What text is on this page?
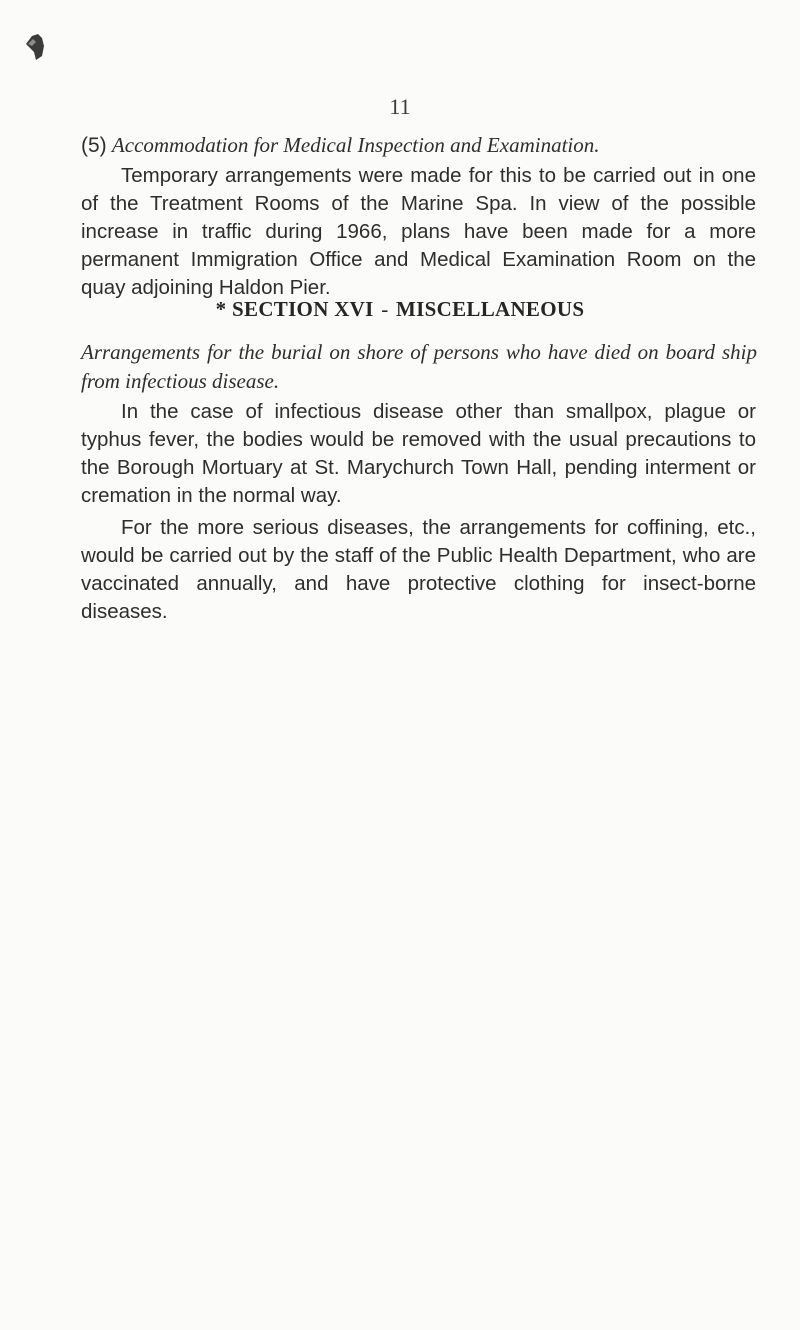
11
(5) Accommodation for Medical Inspection and Examination.

Temporary arrangements were made for this to be carried out in one of the Treatment Rooms of the Marine Spa. In view of the possible increase in traffic during 1966, plans have been made for a more permanent Immigration Office and Medical Examination Room on the quay adjoining Haldon Pier.

* SECTION XVI - MISCELLANEOUS

Arrangements for the burial on shore of persons who have died on board ship from infectious disease.

In the case of infectious disease other than smallpox, plague or typhus fever, the bodies would be removed with the usual precautions to the Borough Mortuary at St. Marychurch Town Hall, pending interment or cremation in the normal way.

For the more serious diseases, the arrangements for coffining, etc., would be carried out by the staff of the Public Health Department, who are vaccinated annually, and have protective clothing for insect-borne diseases.
